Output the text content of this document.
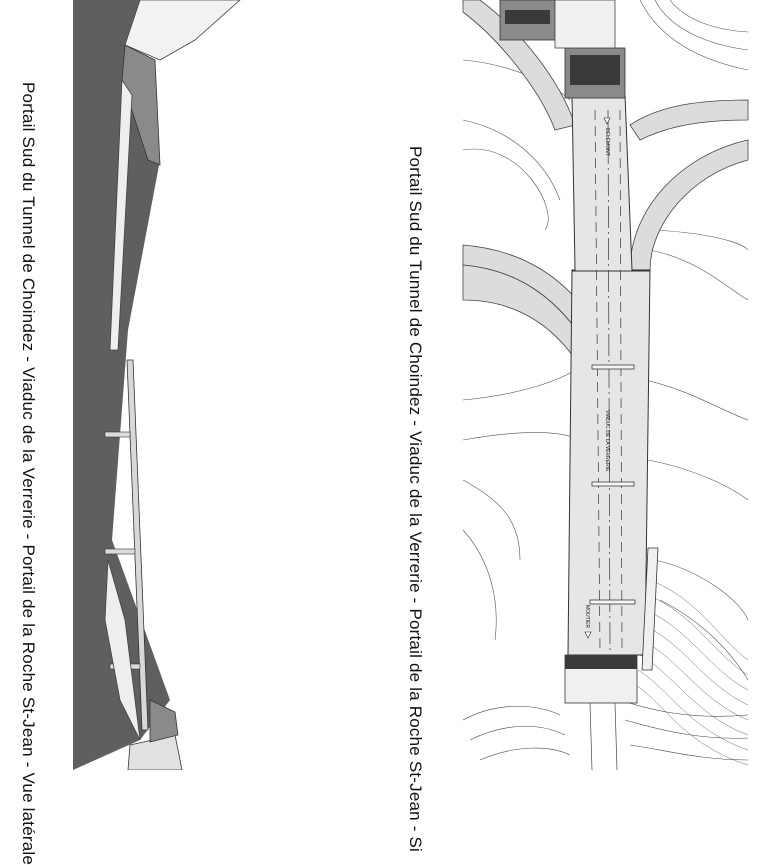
DELÉMONT
VIADUC DE LA VERRERIE
MOUTIER
Portail Sud du Tunnel de Choindez - Viaduc de la Verrerie - Portail de la Roche St-Jean - Vue latérale	Portail Sud du Tunnel de Choindez - Viaduc de la Verrerie - Portail de la Roche St-Jean - Si
